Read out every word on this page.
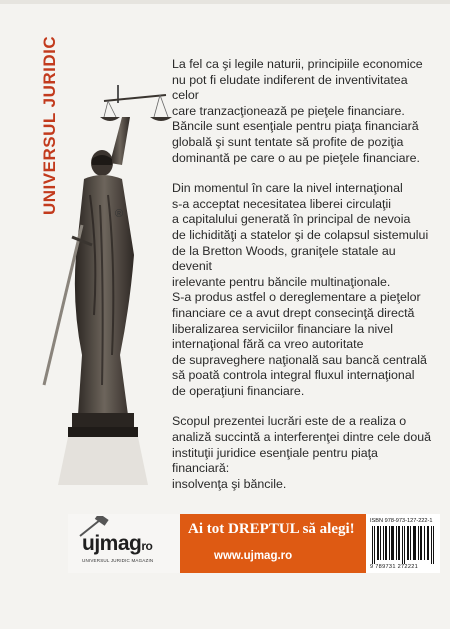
UNIVERSUL JURIDIC	®

La fel ca şi legile naturii, principiile economice
nu pot fi eludate indiferent de inventivitatea celor
care tranzacţionează pe pieţele financiare.
Băncile sunt esenţiale pentru piaţa financiară
globală şi sunt tentate să profite de poziţia
dominantă pe care o au pe pieţele financiare.

Din momentul în care la nivel internaţional
s-a acceptat necesitatea liberei circulaţii
a capitalului generată în principal de nevoia
de lichidităţi a statelor şi de colapsul sistemului
de la Bretton Woods, graniţele statale au devenit
irelevante pentru băncile multinaţionale.
S-a produs astfel o dereglementare a pieţelor
financiare ce a avut drept consecinţă directă
liberalizarea serviciilor financiare la nivel
internaţional fără ca vreo autoritate
de supraveghere naţională sau bancă centrală
să poată controla integral fluxul internaţional
de operaţiuni financiare.

Scopul prezentei lucrări este de a realiza o
analiză succintă a interferenţei dintre cele două
instituţii juridice esenţiale pentru piaţa financiară:
insolvenţa şi băncile.

ujmagro
UNIVERSUL JURIDIC MAGAZIN
Ai tot DREPTUL să alegi!
www.ujmag.ro
ISBN 978-973-127-222-1
9 789731 272221
